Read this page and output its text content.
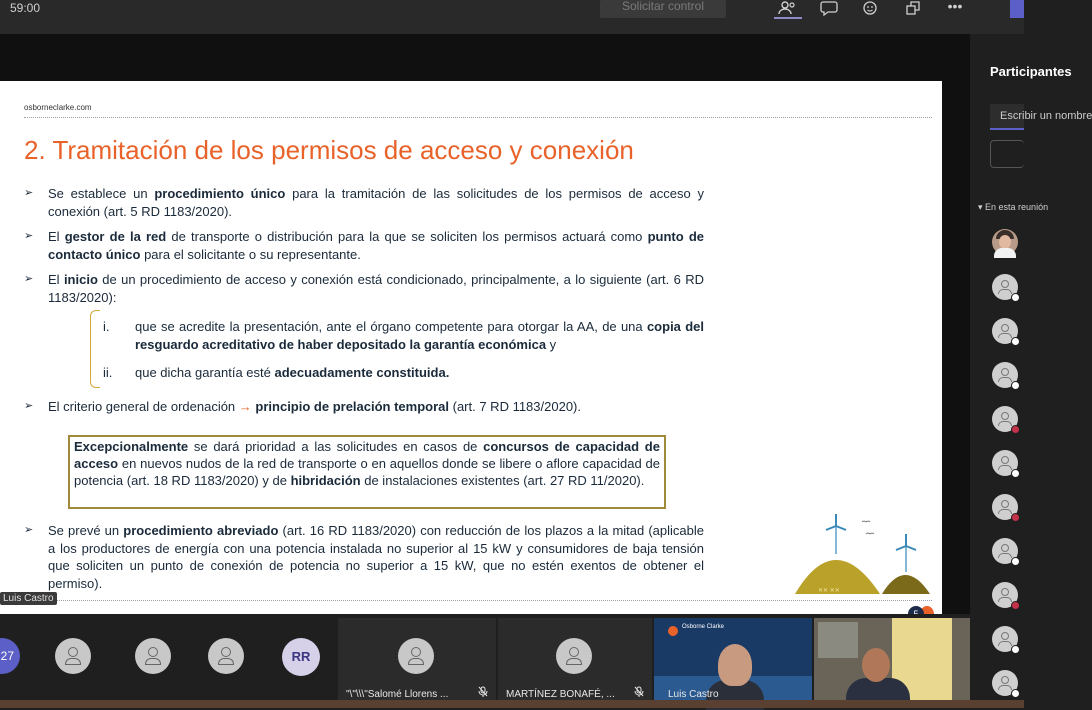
59:00	Solicitar control	•••
osborneclarke.com
2. Tramitación de los permisos de acceso y conexión
➢	Se establece un procedimiento único para la tramitación de las solicitudes de los permisos de acceso y conexión (art. 5 RD 1183/2020).
➢	El gestor de la red de transporte o distribución para la que se soliciten los permisos actuará como punto de contacto único para el solicitante o su representante.
➢	El inicio de un procedimiento de acceso y conexión está condicionado, principalmente, a lo siguiente (art. 6 RD 1183/2020):
i. que se acredite la presentación, ante el órgano competente para otorgar la AA, de una copia del resguardo acreditativo de haber depositado la garantía económica y
ii. que dicha garantía esté adecuadamente constituida.
➢	El criterio general de ordenación → principio de prelación temporal (art. 7 RD 1183/2020).
Excepcionalmente se dará prioridad a las solicitudes en casos de concursos de capacidad de acceso en nuevos nudos de la red de transporte o en aquellos donde se libere o aflore capacidad de potencia (art. 18 RD 1183/2020) y de hibridación de instalaciones existentes (art. 27 RD 11/2020).
➢	Se prevé un procedimiento abreviado (art. 16 RD 1183/2020) con reducción de los plazos a la mitad (aplicable a los productores de energía con una potencia instalada no superior al 15 kW y consumidores de baja tensión que soliciten un punto de conexión de potencia no superior a 15 kW, que no estén exentos de obtener el permiso).
✕✕ ✕✕
Luis Castro
Participantes
Escribir un nombre
▾ En esta reunión
27	RR
"\"\\\"Salomé Llorens ...	MARTÍNEZ BONAFÉ, ...
Osborne Clarke
Luis Castro
